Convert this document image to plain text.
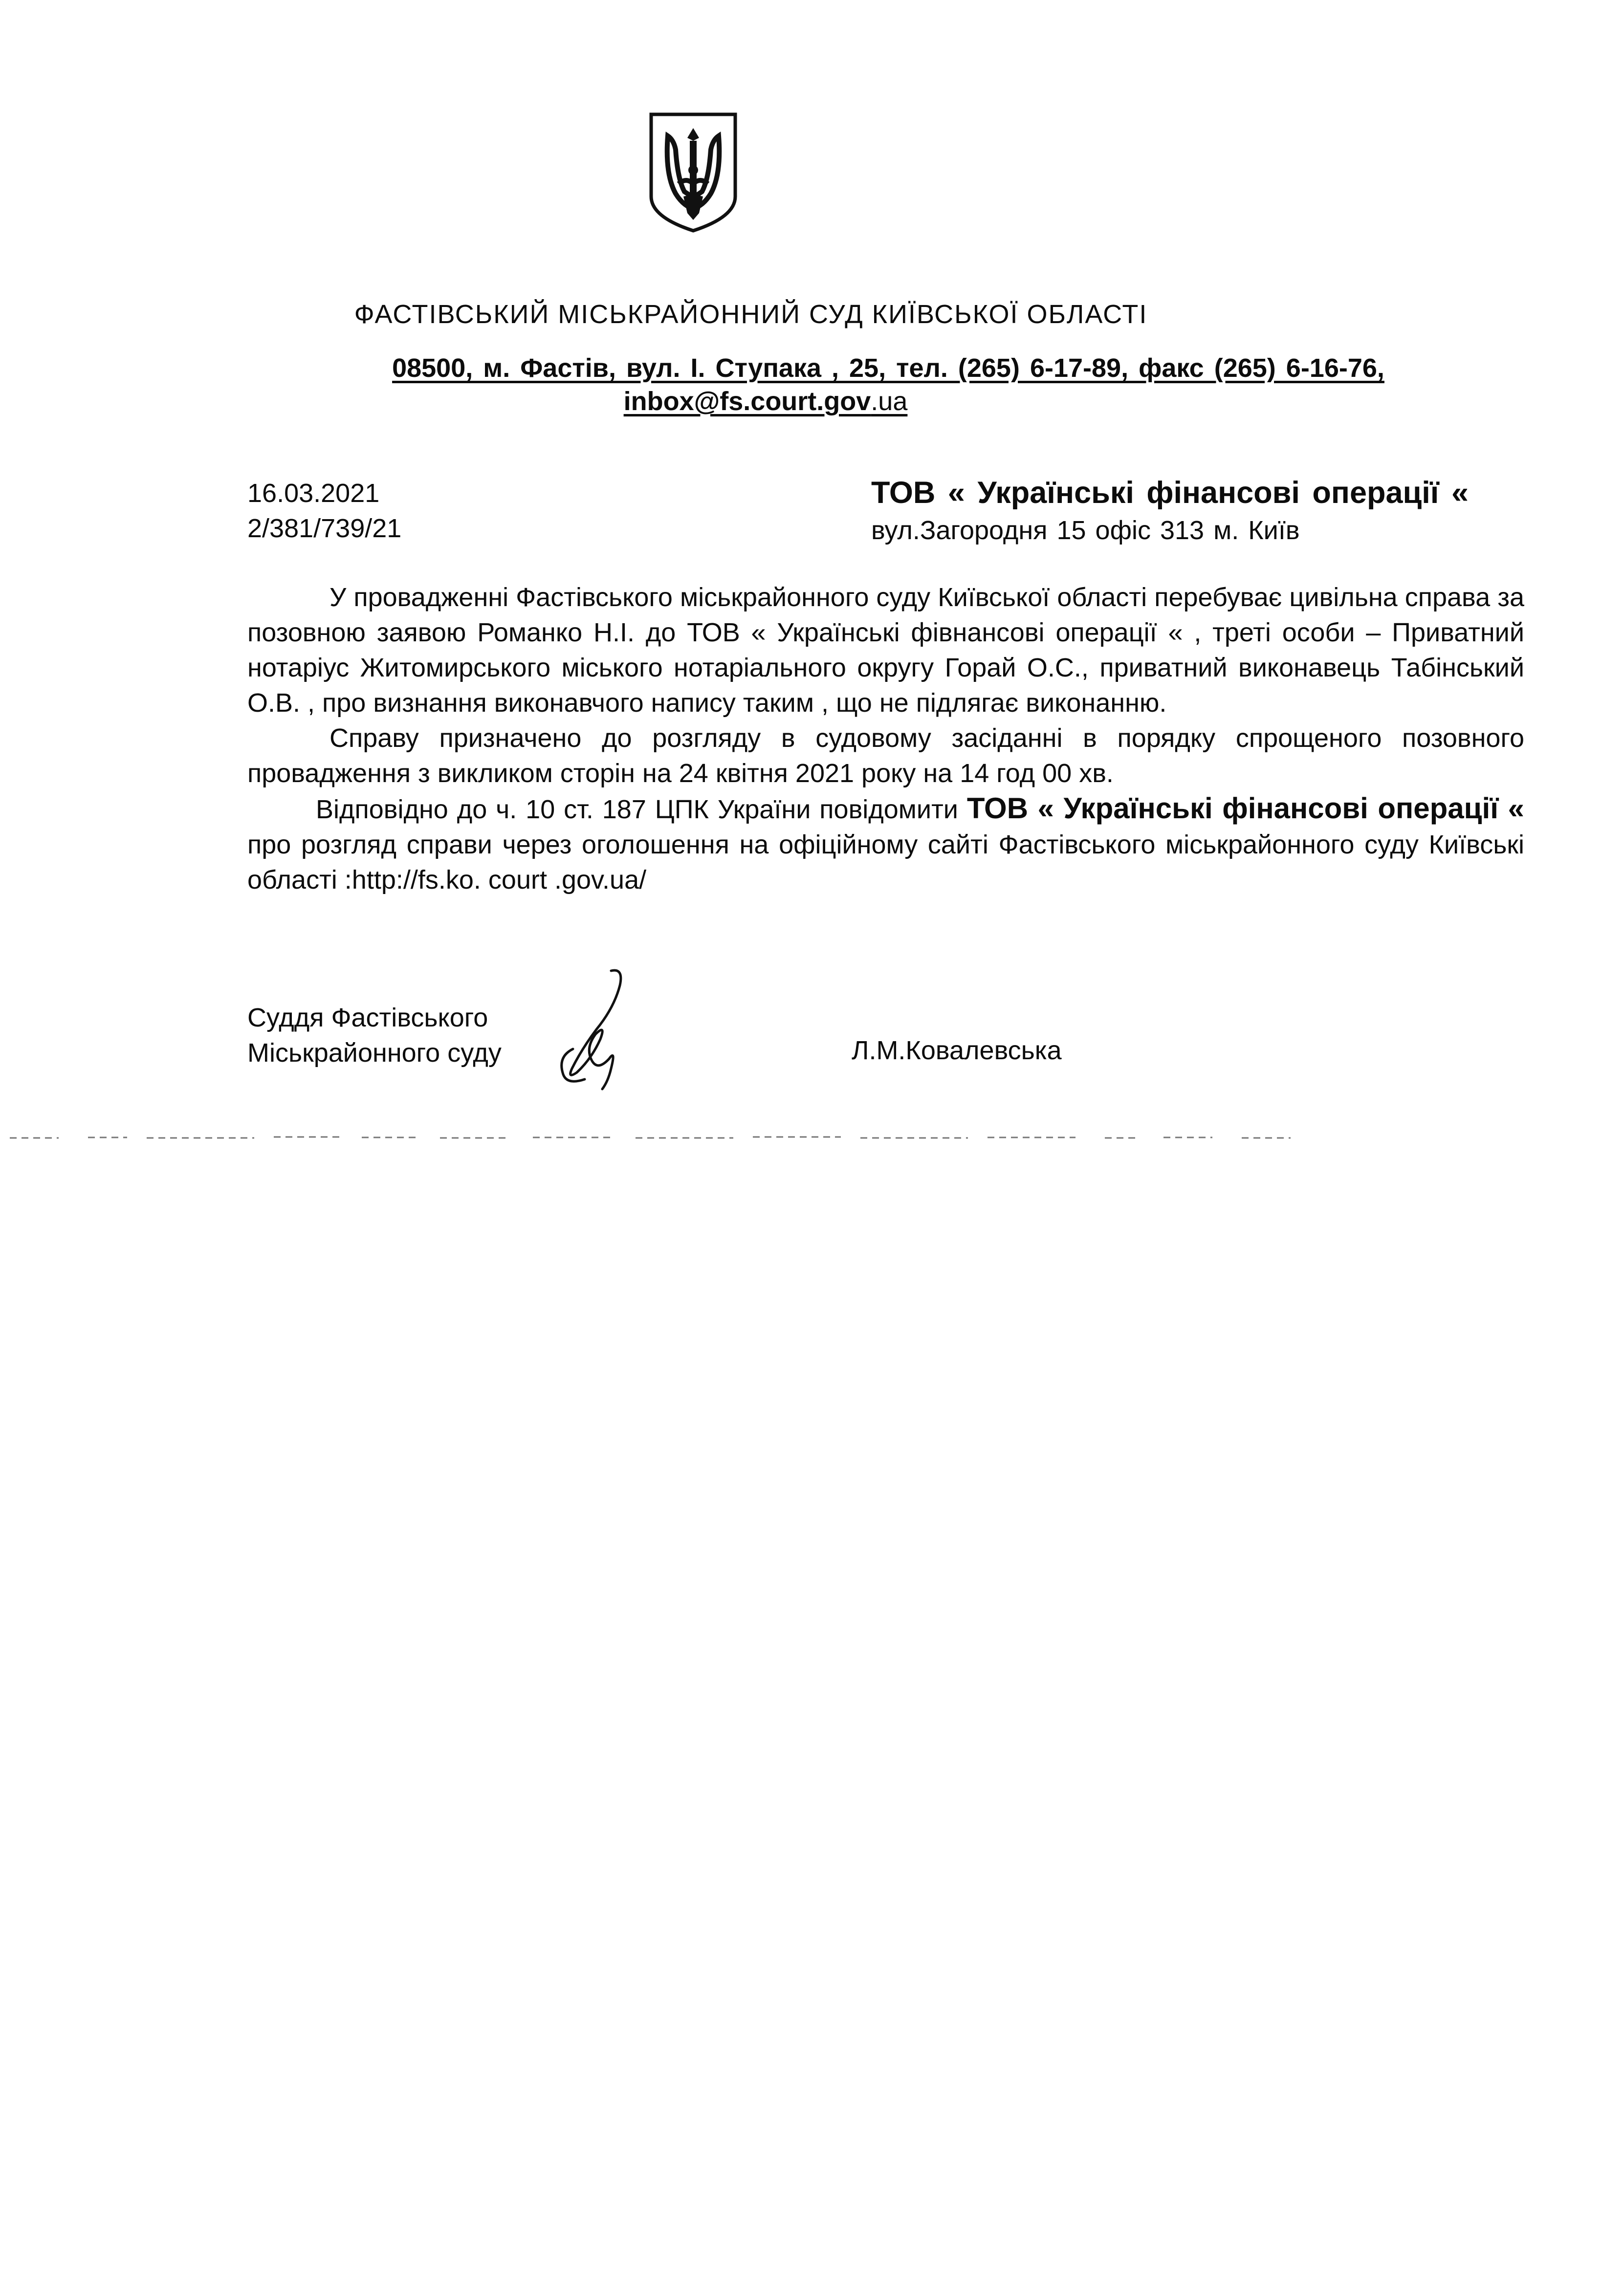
ФАСТІВСЬКИЙ МІСЬКРАЙОННИЙ СУД КИЇВСЬКОЇ ОБЛАСТІ
08500, м. Фастів, вул. І. Ступака , 25, тел. (265) 6-17-89, факс (265) 6-16-76,
inbox@fs.court.gov.ua
16.03.2021
2/381/739/21
ТОВ « Українські фінансові операції «
вул.Загородня 15 офіс 313 м. Київ

У провадженні Фастівського міськрайонного суду Київської області перебуває цивільна справа за позовною заявою Романко Н.І. до ТОВ « Українські фівнансові операції « , треті особи – Приватний нотаріус Житомирського міського нотаріального округу Горай О.С., приватний виконавець Табінський О.В. , про визнання виконавчого напису таким , що не підлягає виконанню.

Справу призначено до розгляду в судовому засіданні в порядку спрощеного позовного провадження з викликом сторін на 24 квітня 2021 року на 14 год 00 хв.

Відповідно до ч. 10 ст. 187 ЦПК України повідомити ТОВ « Українські фінансові операції « про розгляд справи через оголошення на офіційному сайті Фастівського міськрайонного суду Київські області :http://fs.ko. court .gov.ua/

Суддя Фастівського
Міськрайонного суду	Л.М.Ковалевська
